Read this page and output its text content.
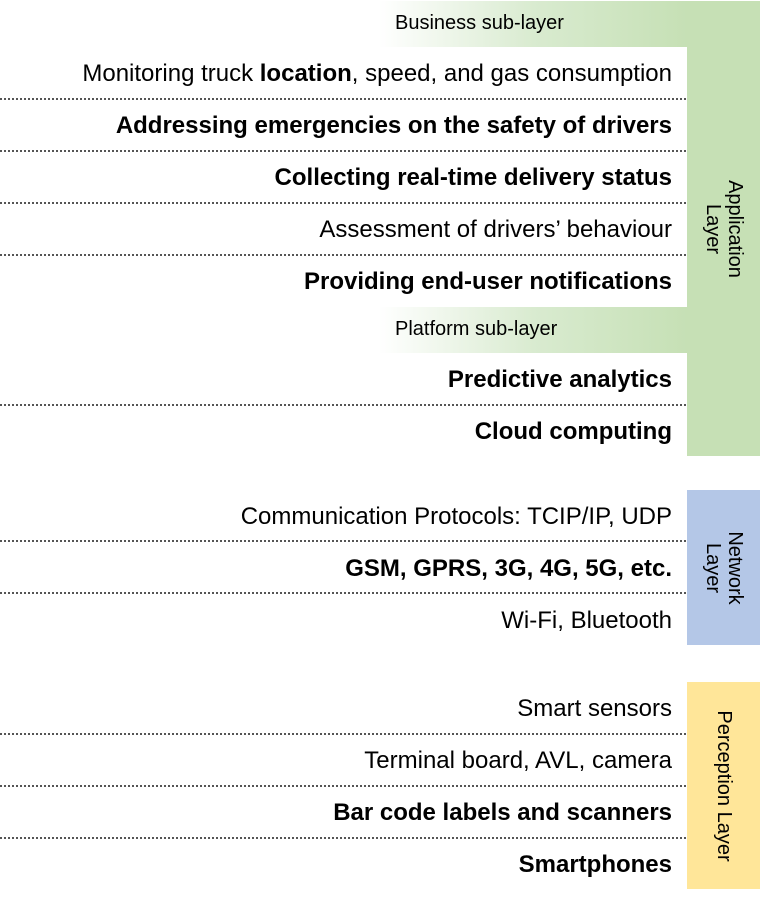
Application Layer
Network Layer
Perception Layer
Business sub-layer
Monitoring truck location, speed, and gas consumption
Addressing emergencies on the safety of drivers
Collecting real-time delivery status
Assessment of drivers’ behaviour
Providing end-user notifications
Platform sub-layer
Predictive analytics
Cloud computing
Communication Protocols: TCIP/IP, UDP
GSM, GPRS, 3G, 4G, 5G, etc.
Wi-Fi, Bluetooth
Smart sensors
Terminal board, AVL, camera
Bar code labels and scanners
Smartphones
